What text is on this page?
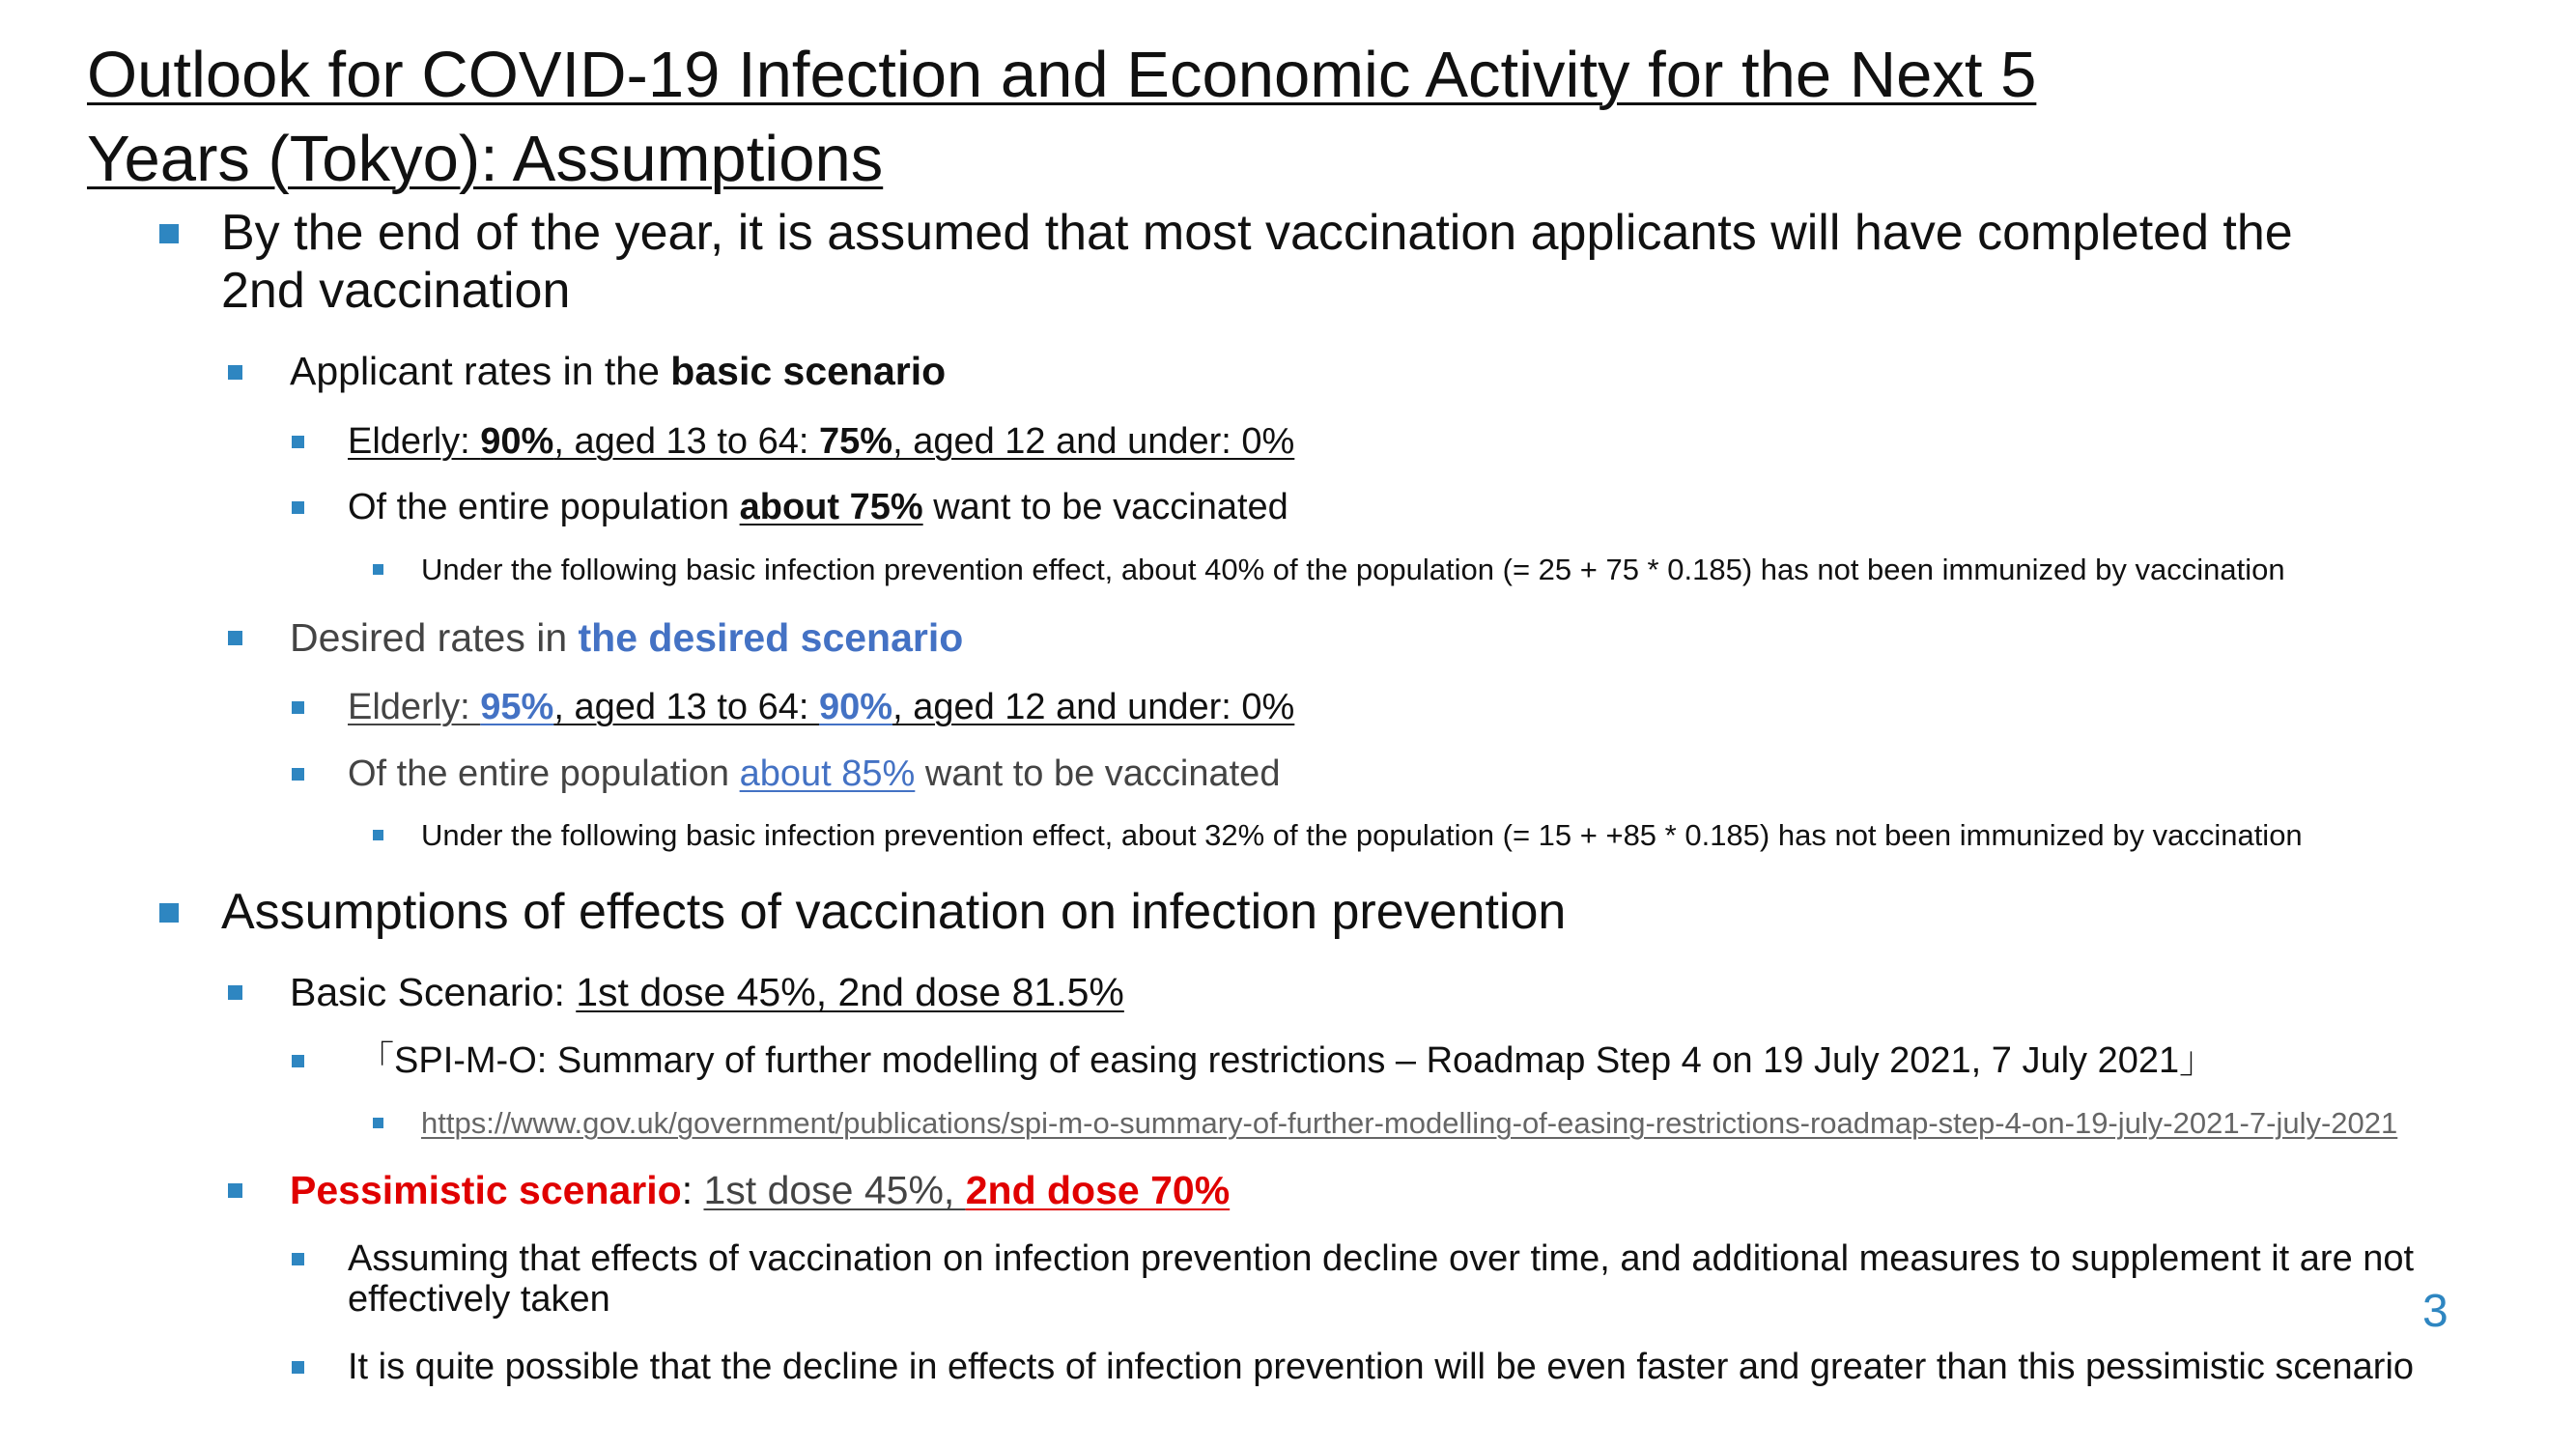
Outlook for COVID-19 Infection and Economic Activity for the Next 5
Years (Tokyo): Assumptions
By the end of the year, it is assumed that most vaccination applicants will have completed the
2nd vaccination
Applicant rates in the basic scenario
Elderly: 90%, aged 13 to 64: 75%, aged 12 and under: 0%
Of the entire population about 75% want to be vaccinated
Under the following basic infection prevention effect, about 40% of the population (= 25 + 75 * 0.185) has not been immunized by vaccination
Desired rates in the desired scenario
Elderly: 95%, aged 13 to 64: 90%, aged 12 and under: 0%
Of the entire population about 85% want to be vaccinated
Under the following basic infection prevention effect, about 32% of the population (= 15 + +85 * 0.185) has not been immunized by vaccination
Assumptions of effects of vaccination on infection prevention
Basic Scenario: 1st dose 45%, 2nd dose 81.5%
「SPI-M-O: Summary of further modelling of easing restrictions – Roadmap Step 4 on 19 July 2021, 7 July 2021」
https://www.gov.uk/government/publications/spi-m-o-summary-of-further-modelling-of-easing-restrictions-roadmap-step-4-on-19-july-2021-7-july-2021
Pessimistic scenario: 1st dose 45%, 2nd dose 70%
Assuming that effects of vaccination on infection prevention decline over time, and additional measures to supplement it are not
effectively taken
It is quite possible that the decline in effects of infection prevention will be even faster and greater than this pessimistic scenario
3
